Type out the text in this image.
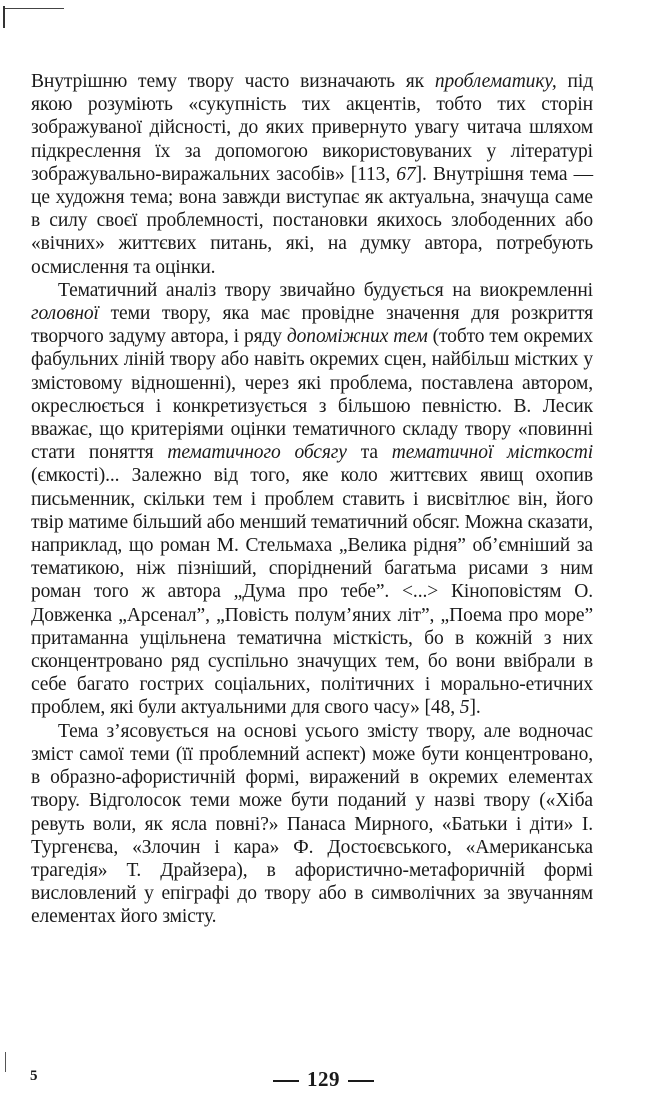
Внутрішню тему твору часто визначають як проблематику, під якою розуміють «сукупність тих акцентів, тобто тих сторін зображуваної дійсності, до яких привернуто увагу читача шляхом підкреслення їх за допомогою використовуваних у літературі зображувально-виражальних засобів» [113, 67]. Внутрішня тема — це художня тема; вона завжди виступає як актуальна, значуща саме в силу своєї проблемності, постановки якихось злободенних або «вічних» життєвих питань, які, на думку автора, потребують осмислення та оцінки.

Тематичний аналіз твору звичайно будується на виокремленні головної теми твору, яка має провідне значення для розкриття творчого задуму автора, і ряду допоміжних тем (тобто тем окремих фабульних ліній твору або навіть окремих сцен, найбільш місткиx у змістовому відношенні), через які проблема, поставлена автором, окреслюється і конкретизується з більшою певністю. В. Лесик вважає, що критеріями оцінки тематичного складу твору «повинні стати поняття тематичного обсягу та тематичної місткості (ємкості)... Залежно від того, яке коло життєвих явищ охопив письменник, скільки тем і проблем ставить і висвітлює він, його твір матиме більший або менший тематичний обсяг. Можна сказати, наприклад, що роман М. Стельмаха „Велика рідня” об’ємніший за тематикою, ніж пізніший, споріднений багатьма рисами з ним роман того ж автора „Дума про тебе”. <...> Кіноповістям О. Довженка „Арсенал”, „Повість полум’яних літ”, „Поема про море” притаманна ущільнена тематична місткість, бо в кожній з них сконцентровано ряд суспільно значущих тем, бо вони ввібрали в себе багато гострих соціальних, політичних і морально-етичних проблем, які були актуальними для свого часу» [48, 5].

Тема з’ясовується на основі усього змісту твору, але водночас зміст самої теми (її проблемний аспект) може бути концентровано, в образно-афористичній формі, виражений в окремих елементах твору. Відголосок теми може бути поданий у назві твору («Хіба ревуть воли, як ясла повні?» Панаса Мирного, «Батьки і діти» І. Тургенєва, «Злочин і кара» Ф. Достоєвського, «Американська трагедія» Т. Драйзера), в афористично-метафоричній формі висловлений у епіграфі до твору або в символічних за звучанням елементах його змісту.

5	129
